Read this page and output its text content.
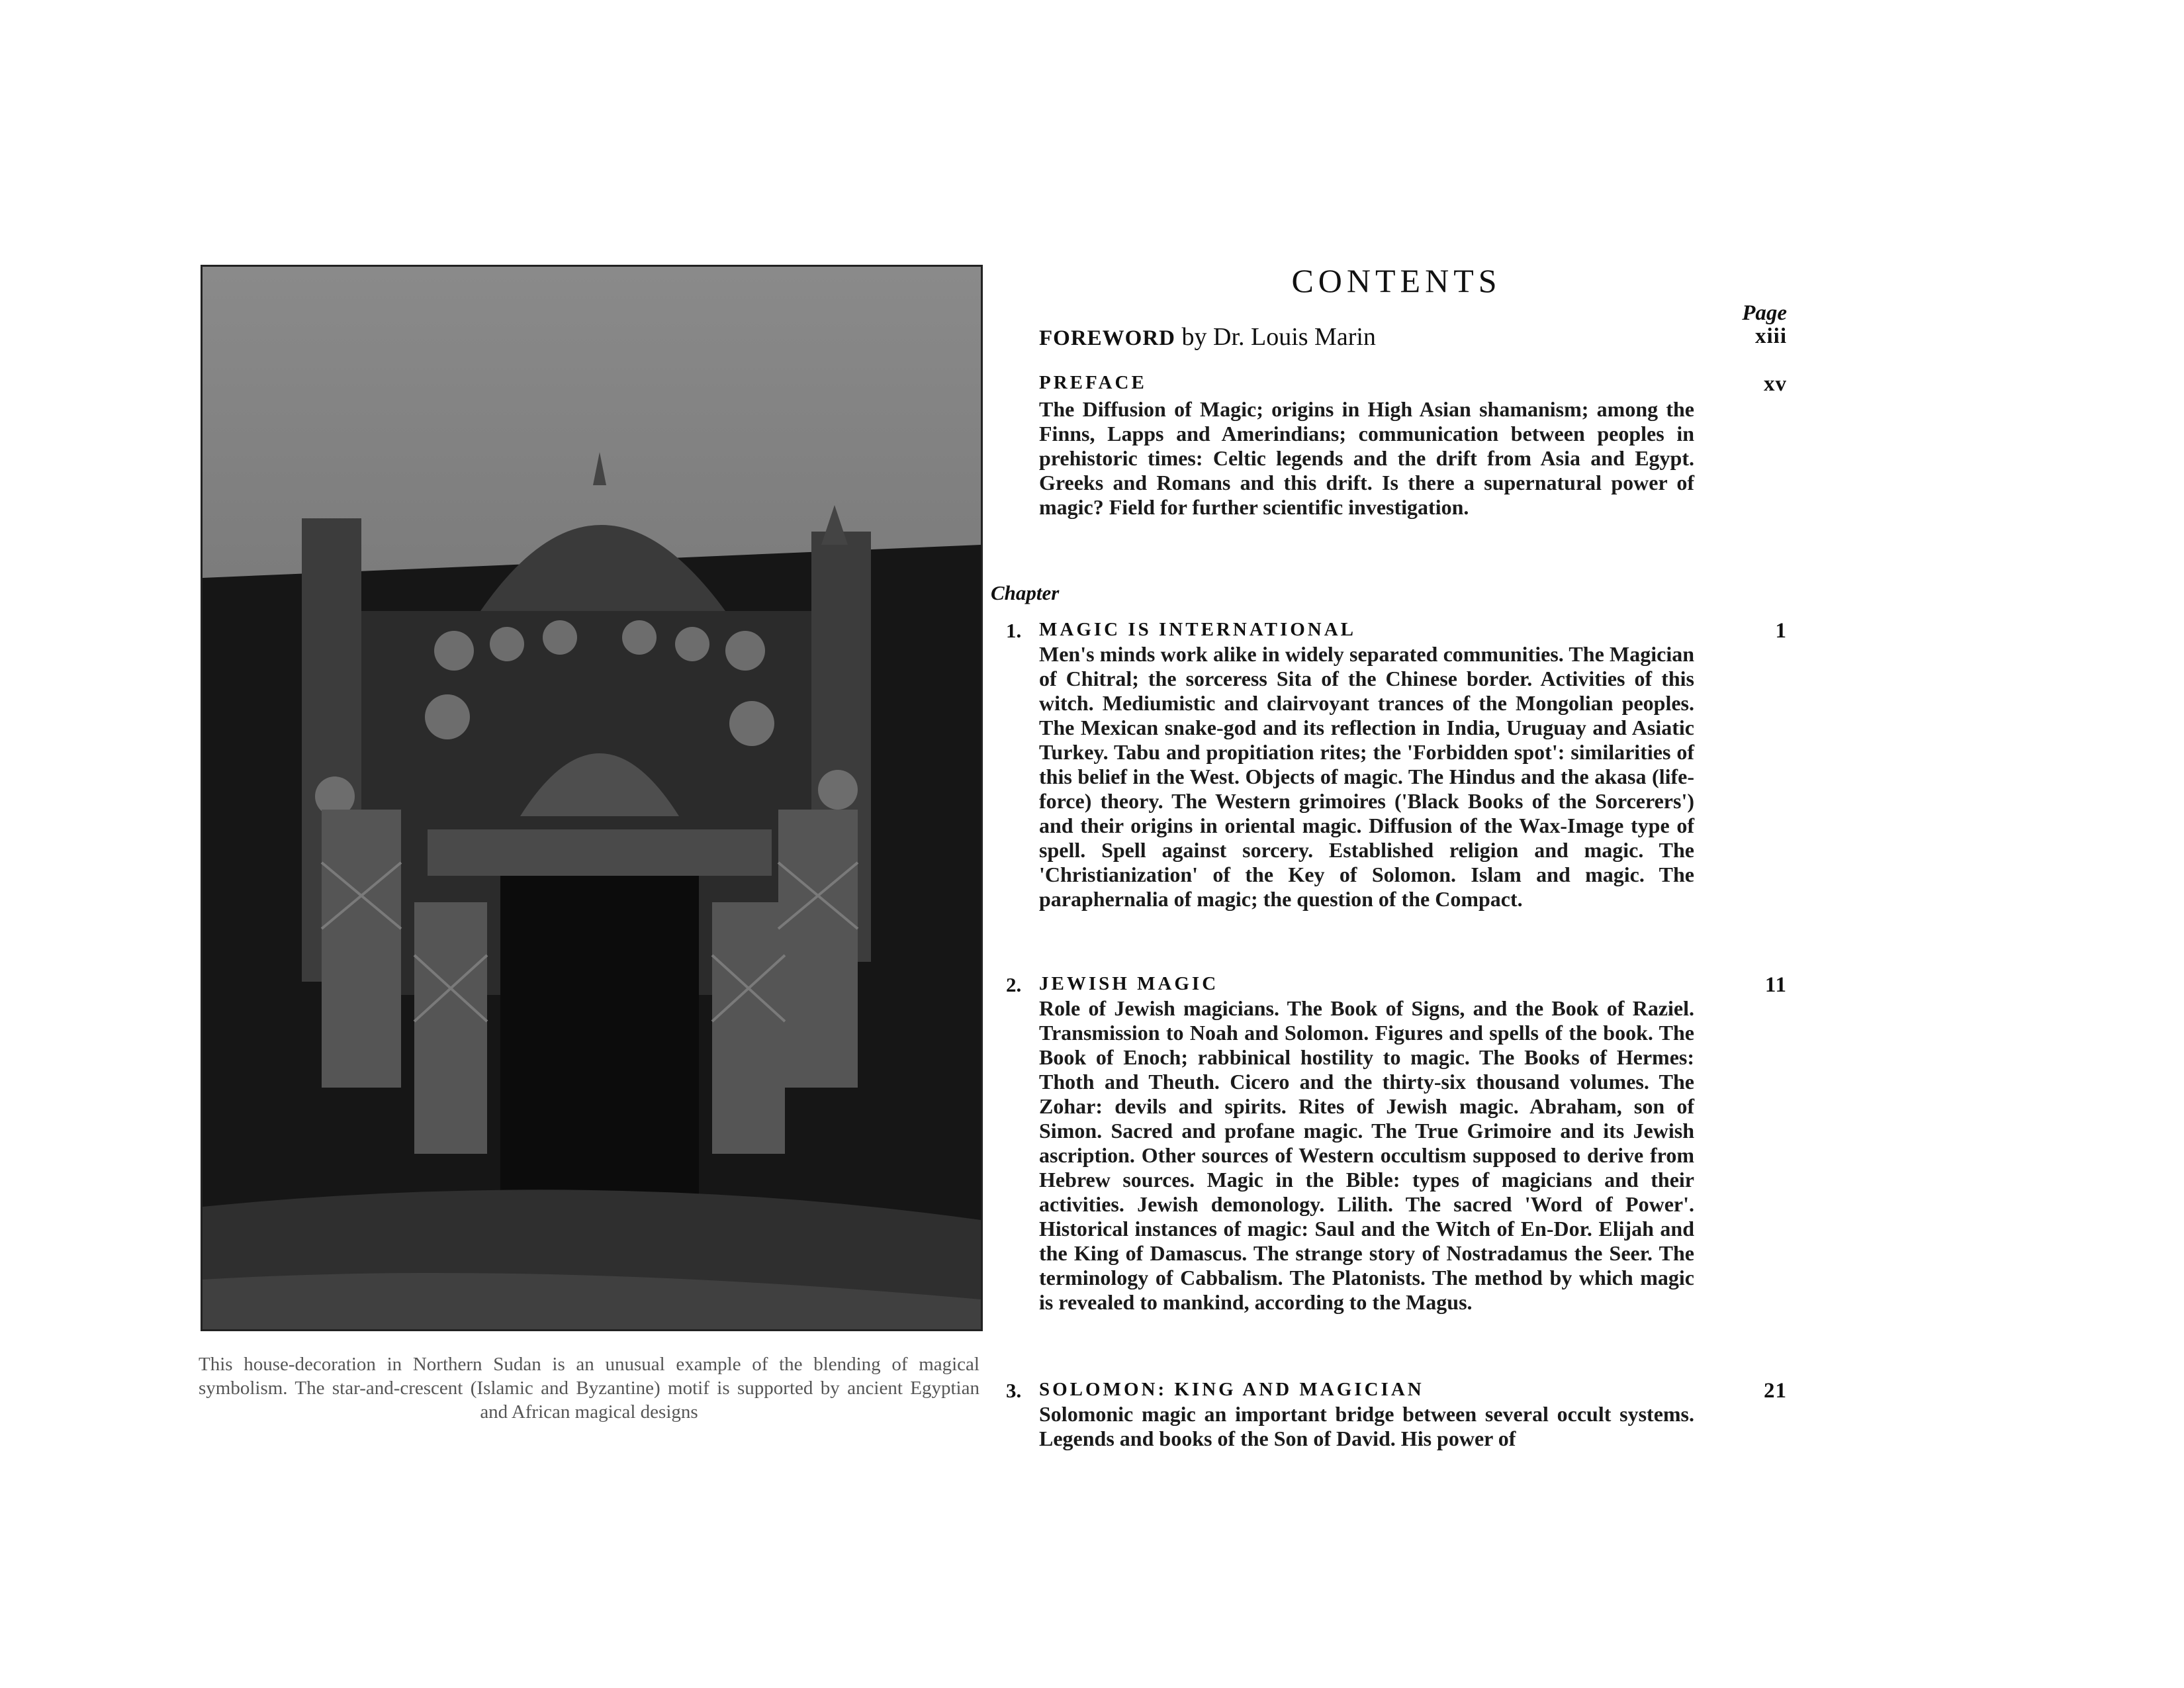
This house-decoration in Northern Sudan is an unusual example of the blending of magical symbolism. The star-and-crescent (Islamic and Byzantine) motif is supported by ancient Egyptian and African magical designs
CONTENTS
Page
FOREWORD by Dr. Louis Marin	xiii
PREFACE	xv
The Diffusion of Magic; origins in High Asian shamanism; among the Finns, Lapps and Amerindians; communication between peoples in prehistoric times: Celtic legends and the drift from Asia and Egypt. Greeks and Romans and this drift. Is there a supernatural power of magic? Field for further scientific investigation.
Chapter
1. MAGIC IS INTERNATIONAL	1
Men's minds work alike in widely separated communities. The Magician of Chitral; the sorceress Sita of the Chinese border. Activities of this witch. Mediumistic and clairvoyant trances of the Mongolian peoples. The Mexican snake-god and its reflection in India, Uruguay and Asiatic Turkey. Tabu and propitiation rites; the 'Forbidden spot': similarities of this belief in the West. Objects of magic. The Hindus and the akasa (life-force) theory. The Western grimoires ('Black Books of the Sorcerers') and their origins in oriental magic. Diffusion of the Wax-Image type of spell. Spell against sorcery. Established religion and magic. The 'Christianization' of the Key of Solomon. Islam and magic. The paraphernalia of magic; the question of the Compact.
2. JEWISH MAGIC	11
Role of Jewish magicians. The Book of Signs, and the Book of Raziel. Transmission to Noah and Solomon. Figures and spells of the book. The Book of Enoch; rabbinical hostility to magic. The Books of Hermes: Thoth and Theuth. Cicero and the thirty-six thousand volumes. The Zohar: devils and spirits. Rites of Jewish magic. Abraham, son of Simon. Sacred and profane magic. The True Grimoire and its Jewish ascription. Other sources of Western occultism supposed to derive from Hebrew sources. Magic in the Bible: types of magicians and their activities. Jewish demonology. Lilith. The sacred 'Word of Power'. Historical instances of magic: Saul and the Witch of En-Dor. Elijah and the King of Damascus. The strange story of Nostradamus the Seer. The terminology of Cabbalism. The Platonists. The method by which magic is revealed to mankind, according to the Magus.
3. SOLOMON: KING AND MAGICIAN	21
Solomonic magic an important bridge between several occult systems. Legends and books of the Son of David. His power of
